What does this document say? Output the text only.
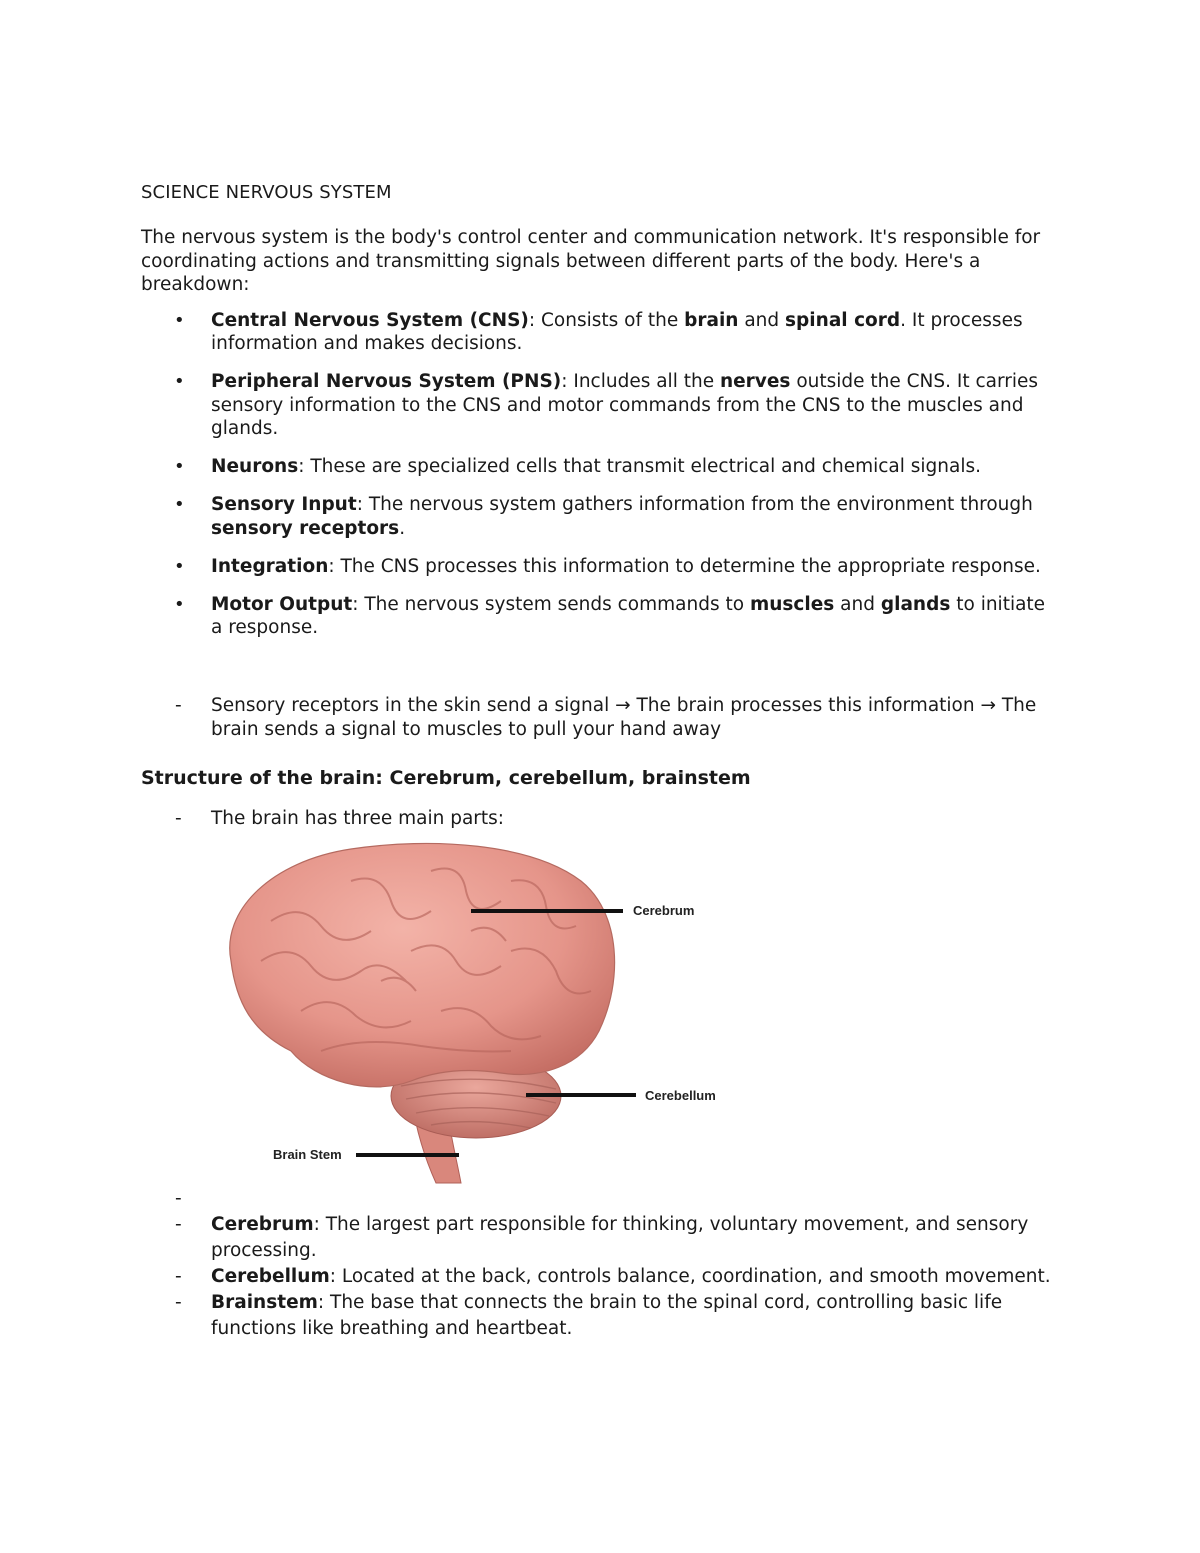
SCIENCE NERVOUS SYSTEM

The nervous system is the body's control center and communication network. It's responsible for coordinating actions and transmitting signals between different parts of the body. Here's a breakdown:

• Central Nervous System (CNS): Consists of the brain and spinal cord. It processes information and makes decisions.
• Peripheral Nervous System (PNS): Includes all the nerves outside the CNS. It carries sensory information to the CNS and motor commands from the CNS to the muscles and glands.
• Neurons: These are specialized cells that transmit electrical and chemical signals.
• Sensory Input: The nervous system gathers information from the environment through sensory receptors.
• Integration: The CNS processes this information to determine the appropriate response.
• Motor Output: The nervous system sends commands to muscles and glands to initiate a response.
- Sensory receptors in the skin send a signal → The brain processes this information → The brain sends a signal to muscles to pull your hand away
Structure of the brain: Cerebrum, cerebellum, brainstem
- The brain has three main parts:
Cerebrum
Cerebellum
Brain Stem
-

- Cerebrum: The largest part responsible for thinking, voluntary movement, and sensory processing.
- Cerebellum: Located at the back, controls balance, coordination, and smooth movement.
- Brainstem: The base that connects the brain to the spinal cord, controlling basic life functions like breathing and heartbeat.
